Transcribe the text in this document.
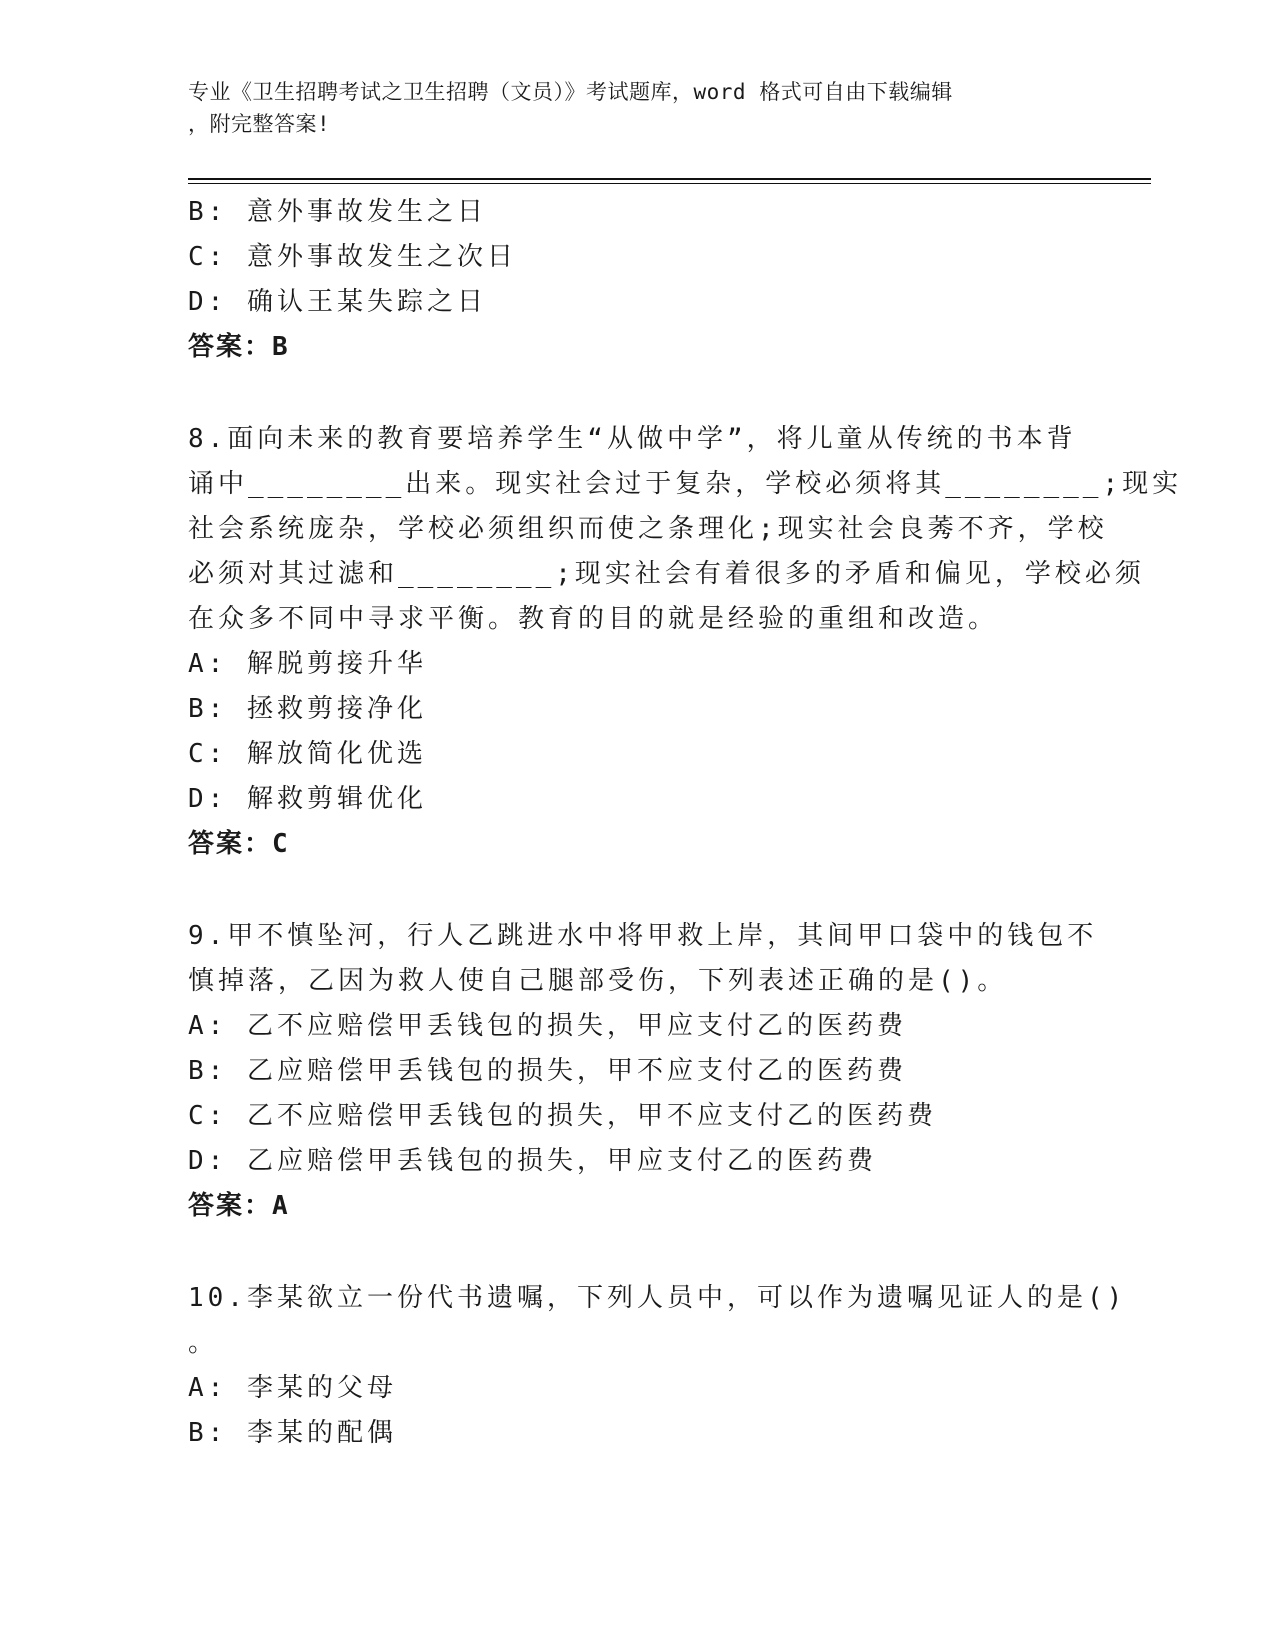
专业《卫生招聘考试之卫生招聘（文员）》考试题库，word 格式可自由下载编辑
，附完整答案!
B: 意外事故发生之日
C: 意外事故发生之次日
D: 确认王某失踪之日
答案：B
8.面向未来的教育要培养学生“从做中学”，将儿童从传统的书本背
诵中________出来。现实社会过于复杂，学校必须将其________;现实
社会系统庞杂，学校必须组织而使之条理化;现实社会良莠不齐，学校
必须对其过滤和________;现实社会有着很多的矛盾和偏见，学校必须
在众多不同中寻求平衡。教育的目的就是经验的重组和改造。
A: 解脱剪接升华
B: 拯救剪接净化
C: 解放简化优选
D: 解救剪辑优化
答案：C
9.甲不慎坠河，行人乙跳进水中将甲救上岸，其间甲口袋中的钱包不
慎掉落，乙因为救人使自己腿部受伤，下列表述正确的是()。
A: 乙不应赔偿甲丢钱包的损失，甲应支付乙的医药费
B: 乙应赔偿甲丢钱包的损失，甲不应支付乙的医药费
C: 乙不应赔偿甲丢钱包的损失，甲不应支付乙的医药费
D: 乙应赔偿甲丢钱包的损失，甲应支付乙的医药费
答案：A
10.李某欲立一份代书遗嘱，下列人员中，可以作为遗嘱见证人的是()
。
A: 李某的父母
B: 李某的配偶
